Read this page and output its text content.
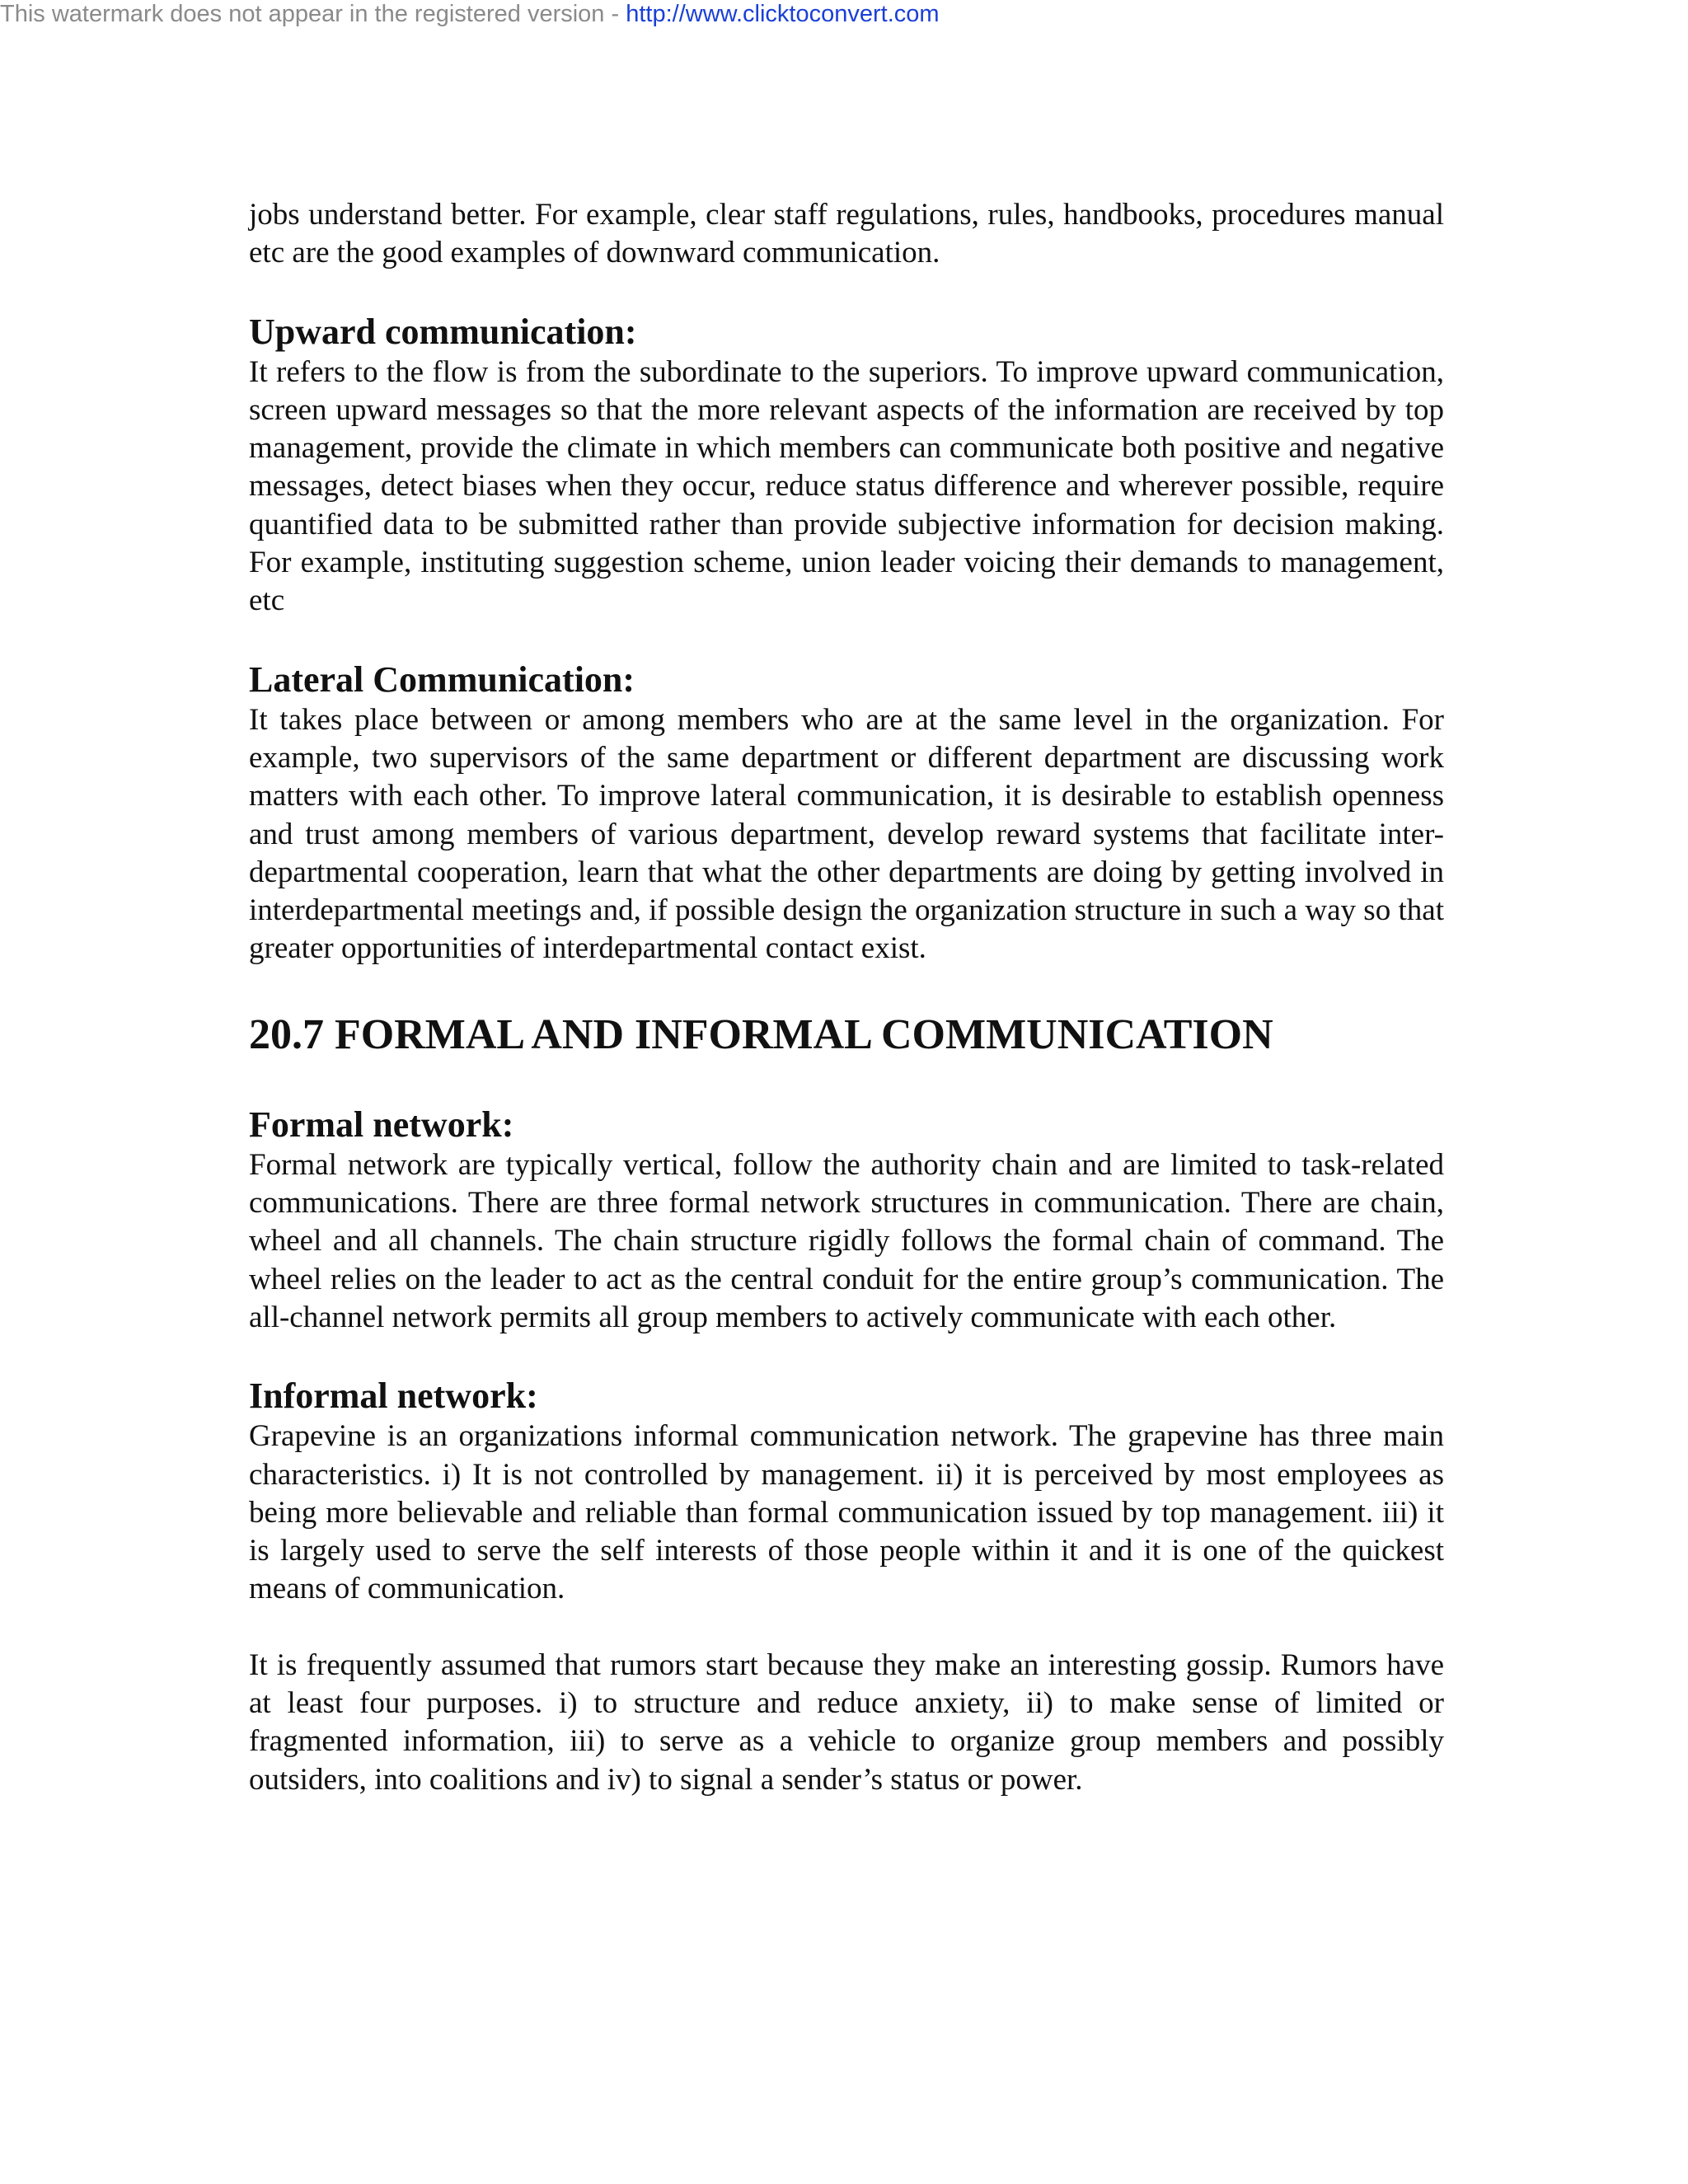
This watermark does not appear in the registered version - http://www.clicktoconvert.com

jobs understand better. For example, clear staff regulations, rules, handbooks, procedures manual etc are the good examples of downward communication.

Upward communication:

It refers to the flow is from the subordinate to the superiors. To improve upward communication, screen upward messages so that the more relevant aspects of the information are received by top management, provide the climate in which members can communicate both positive and negative messages, detect biases when they occur, reduce status difference and wherever possible, require quantified data to be submitted rather than provide subjective information for decision making. For example, instituting suggestion scheme, union leader voicing their demands to management, etc

Lateral Communication:

It takes place between or among members who are at the same level in the organization. For example, two supervisors of the same department or different department are discussing work matters with each other. To improve lateral communication, it is desirable to establish openness and trust among members of various department, develop reward systems that facilitate inter-departmental cooperation, learn that what the other departments are doing by getting involved in interdepartmental meetings and, if possible design the organization structure in such a way so that greater opportunities of interdepartmental contact exist.

20.7 FORMAL AND INFORMAL COMMUNICATION
Formal network:

Formal network are typically vertical, follow the authority chain and are limited to task-related communications. There are three formal network structures in communication. There are chain, wheel and all channels. The chain structure rigidly follows the formal chain of command. The wheel relies on the leader to act as the central conduit for the entire group’s communication. The all-channel network permits all group members to actively communicate with each other.

Informal network:

Grapevine is an organizations informal communication network. The grapevine has three main characteristics. i) It is not controlled by management. ii) it is perceived by most employees as being more believable and reliable than formal communication issued by top management. iii) it is largely used to serve the self interests of those people within it and it is one of the quickest means of communication.

It is frequently assumed that rumors start because they make an interesting gossip. Rumors have at least four purposes. i) to structure and reduce anxiety, ii) to make sense of limited or fragmented information, iii) to serve as a vehicle to organize group members and possibly outsiders, into coalitions and iv) to signal a sender’s status or power.
